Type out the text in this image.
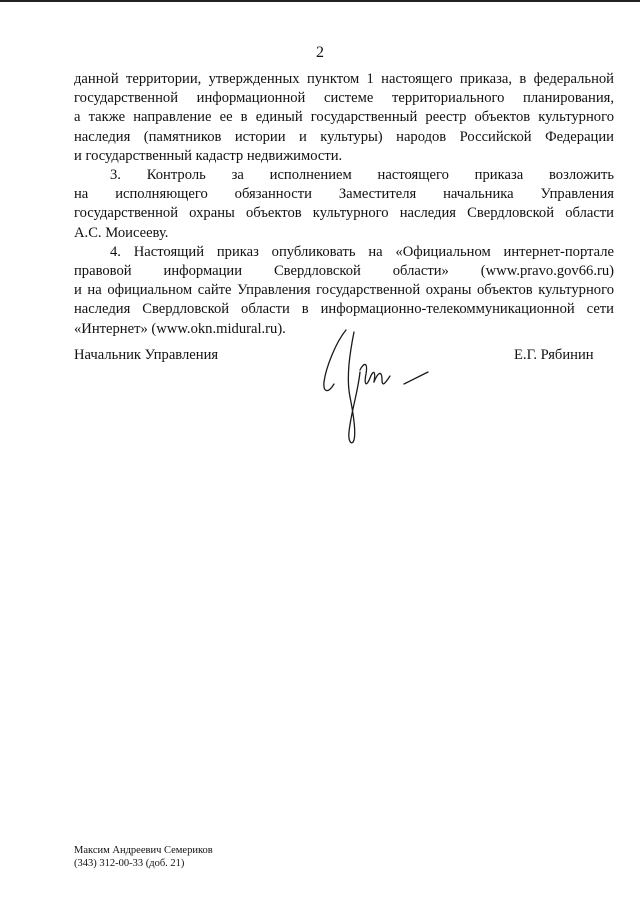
2
данной территории, утвержденных пунктом 1 настоящего приказа, в федеральной
государственной информационной системе территориального планирования,
а также направление ее в единый государственный реестр объектов культурного
наследия (памятников истории и культуры) народов Российской Федерации
и государственный кадастр недвижимости.
3. Контроль за исполнением настоящего приказа возложить
на исполняющего обязанности Заместителя начальника Управления
государственной охраны объектов культурного наследия Свердловской области
А.С. Моисееву.
4. Настоящий приказ опубликовать на «Официальном интернет-портале
правовой информации Свердловской области» (www.pravo.gov66.ru)
и на официальном сайте Управления государственной охраны объектов культурного
наследия Свердловской области в информационно-телекоммуникационной сети
«Интернет» (www.okn.midural.ru).
Начальник Управления	Е.Г. Рябинин
Максим Андреевич Семериков
(343) 312-00-33 (доб. 21)
